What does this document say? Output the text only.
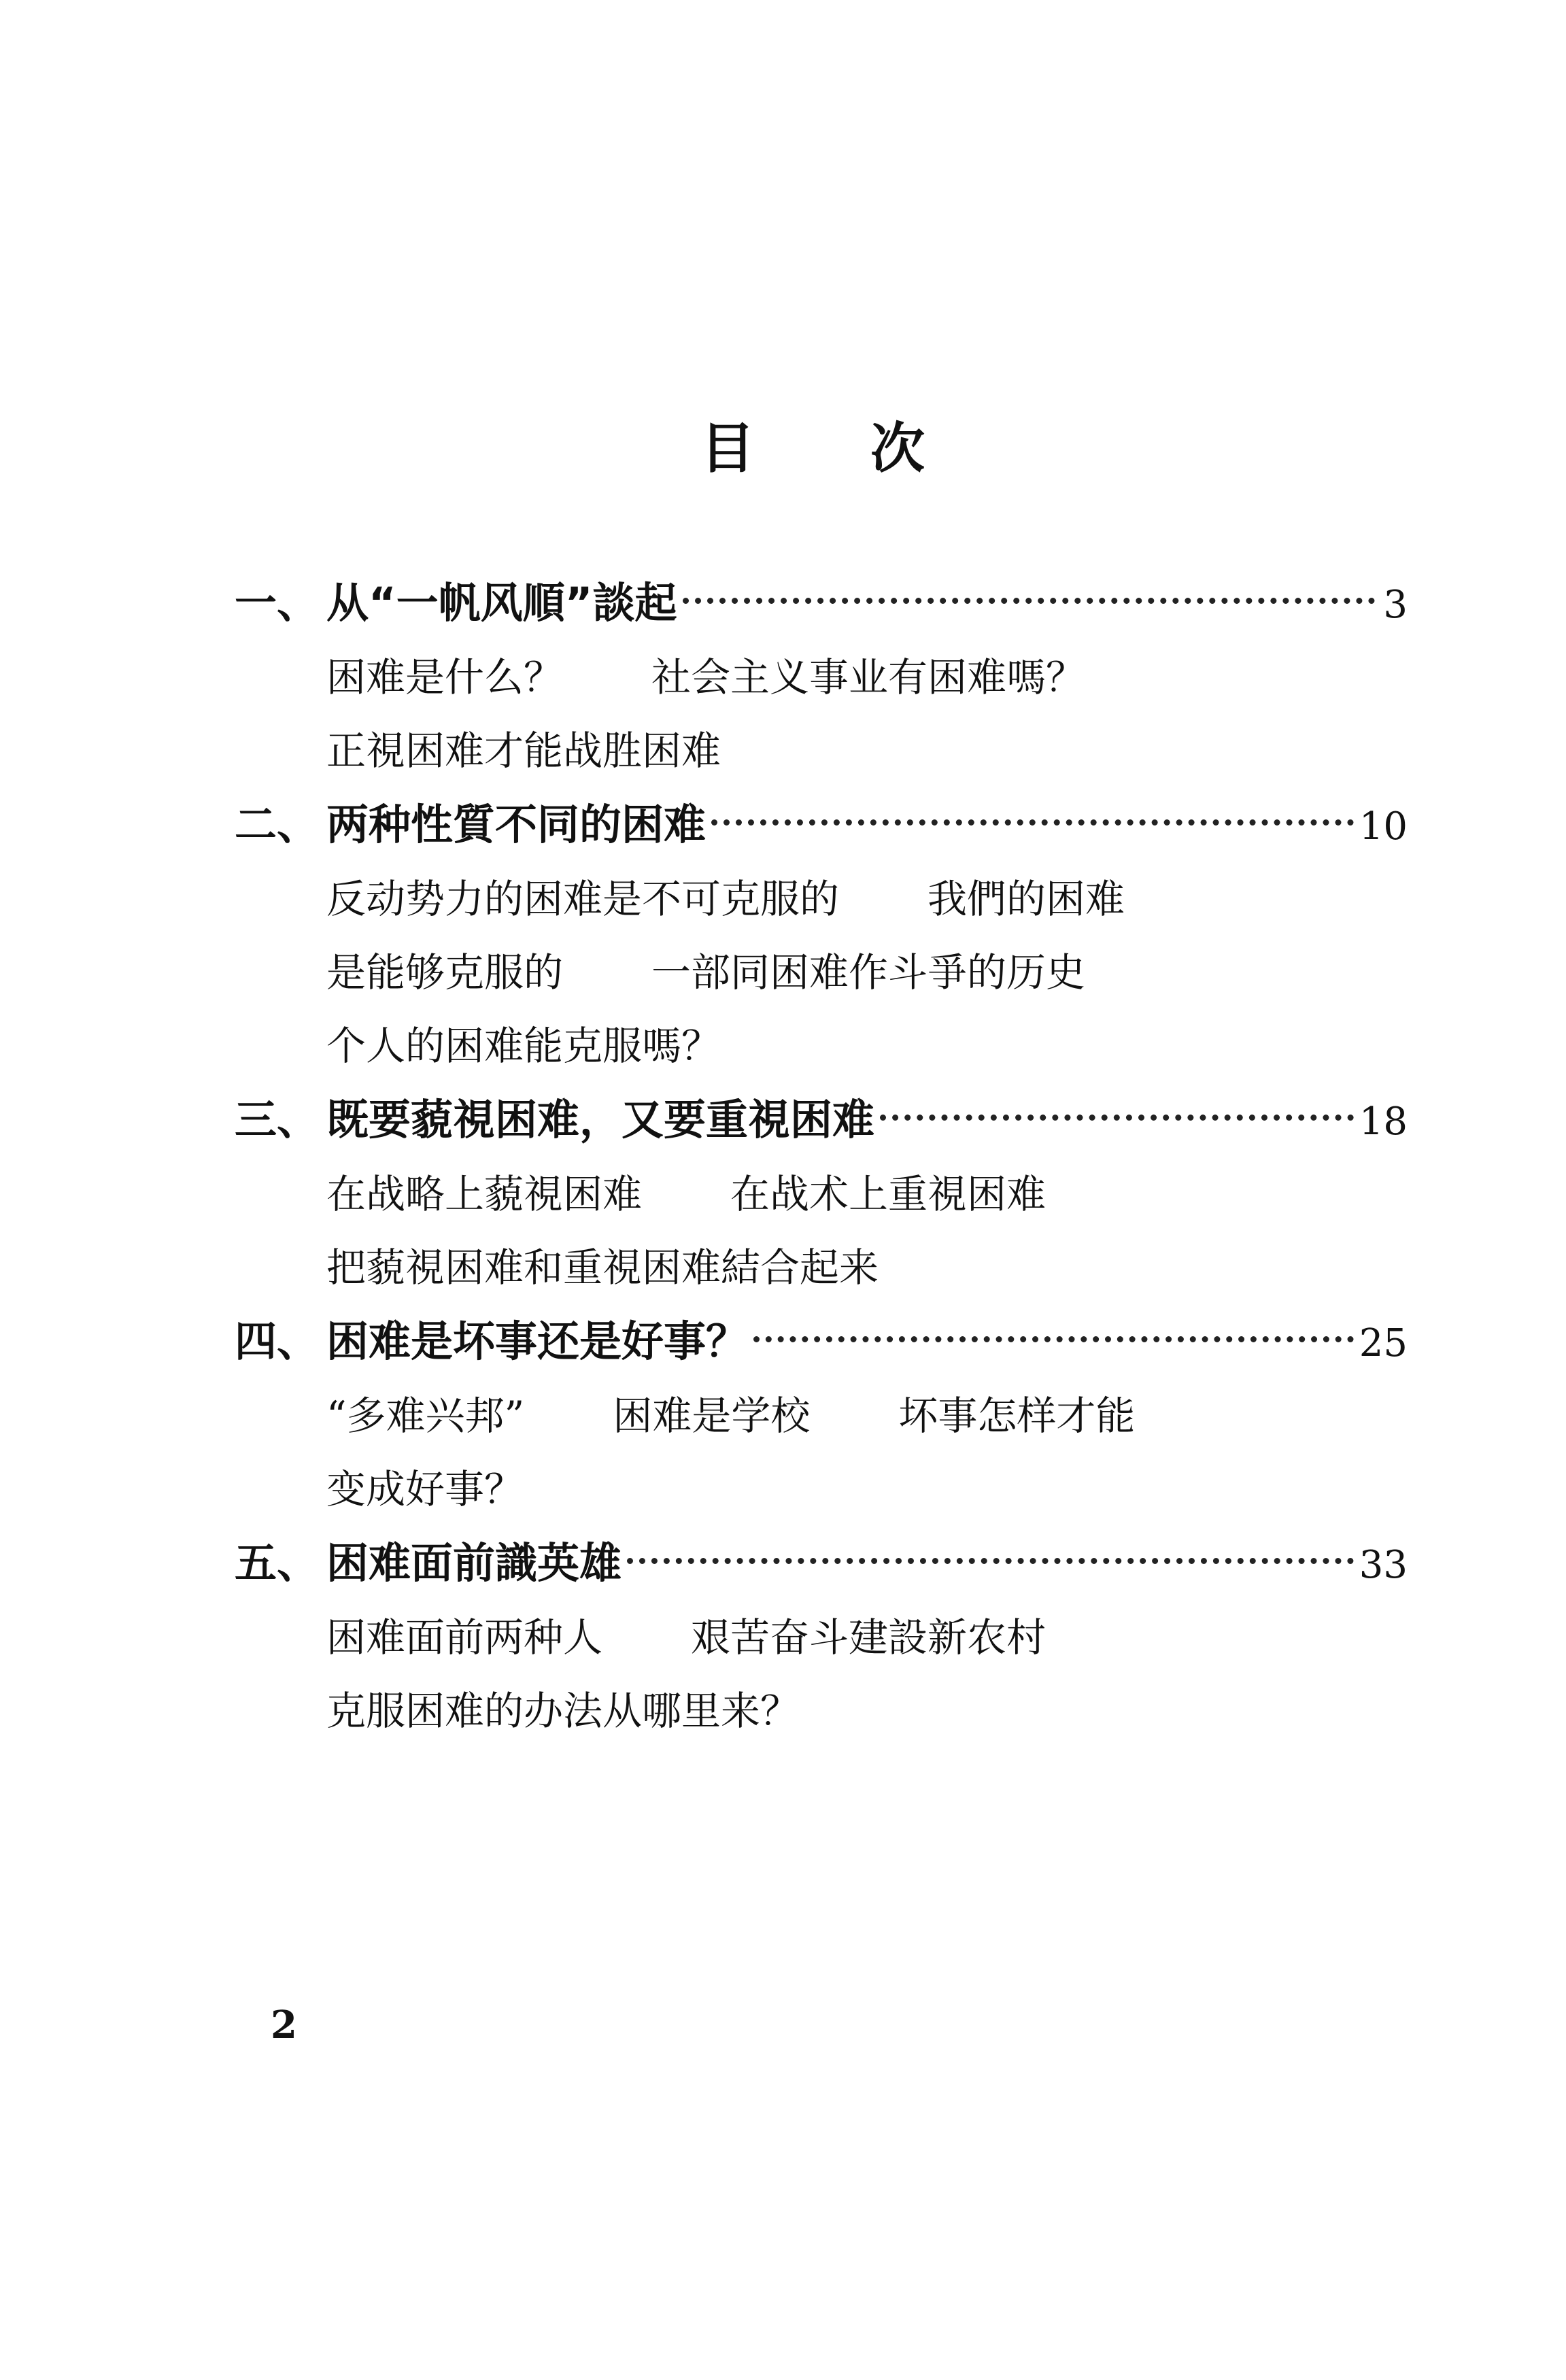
目 次
一、 从“一帆风順”談起	3
困难是什么？ 社会主义事业有困难嗎？
正視困难才能战胜困难
二、 两种性質不同的困难	10
反动势力的困难是不可克服的 我們的困难
是能够克服的 一部同困难作斗爭的历史
个人的困难能克服嗎？
三、 既要藐視困难，又要重視困难	18
在战略上藐視困难 在战术上重視困难
把藐視困难和重視困难結合起来
四、 困难是坏事还是好事？	25
“多难兴邦” 困难是学校 坏事怎样才能
变成好事？
五、 困难面前識英雄	33
困难面前两种人 艰苦奋斗建設新农村
克服困难的办法从哪里来？
2
